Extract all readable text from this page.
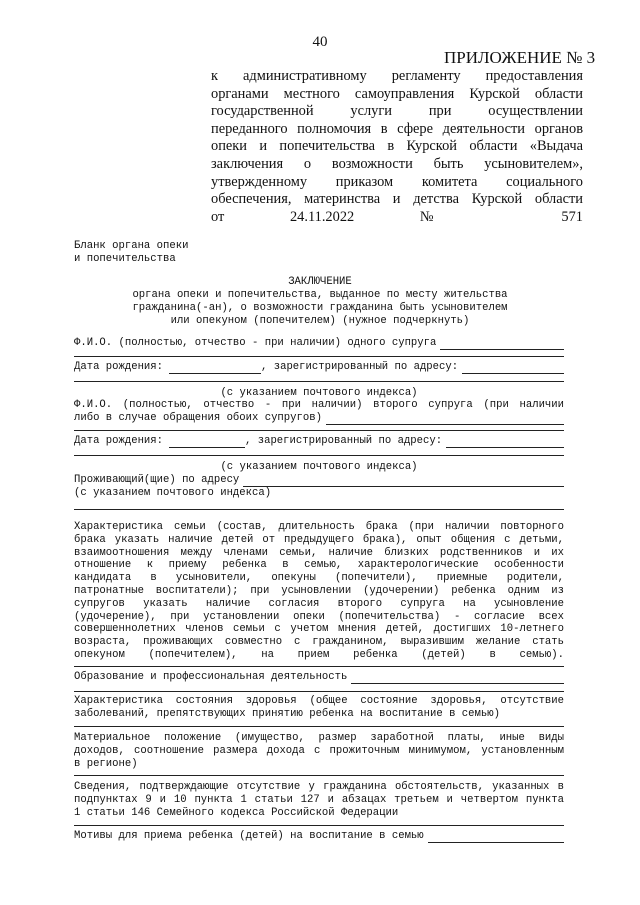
40
ПРИЛОЖЕНИЕ № 3
к административному регламенту предоставления
органами местного самоуправления Курской области
государственной услуги при осуществлении
переданного полномочия в сфере деятельности органов
опеки и попечительства в Курской области «Выдача
заключения о возможности быть усыновителем»,
утвержденному приказом комитета социального
обеспечения, материнства и детства Курской области
от 24.11.2022 № 571
Бланк органа опеки
и попечительства
ЗАКЛЮЧЕНИЕ
органа опеки и попечительства, выданное по месту жительства
гражданина(-ан), о возможности гражданина быть усыновителем
или опекуном (попечителем) (нужное подчеркнуть)
Ф.И.О. (полностью, отчество - при наличии) одного супруга
Дата рождения:	, зарегистрированный по адресу:
(с указанием почтового индекса)
Ф.И.О. (полностью, отчество - при наличии) второго супруга (при наличии
либо в случае обращения обоих супругов)
Дата рождения:	, зарегистрированный по адресу:
(с указанием почтового индекса)
Проживающий(щие) по адресу
(с указанием почтового индекса)
Характеристика семьи (состав, длительность брака (при наличии повторного
брака указать наличие детей от предыдущего брака), опыт общения с детьми,
взаимоотношения между членами семьи, наличие близких родственников и их
отношение к приему ребенка в семью, характерологические особенности
кандидата в усыновители, опекуны (попечители), приемные родители,
патронатные воспитатели); при усыновлении (удочерении) ребенка одним из
супругов указать наличие согласия второго супруга на усыновление
(удочерение), при установлении опеки (попечительства) - согласие всех
совершеннолетних членов семьи с учетом мнения детей, достигших 10-летнего
возраста, проживающих совместно с гражданином, выразившим желание стать
опекуном (попечителем), на прием ребенка (детей) в семью).
Образование и профессиональная деятельность
Характеристика состояния здоровья (общее состояние здоровья, отсутствие
заболеваний, препятствующих принятию ребенка на воспитание в семью)
Материальное положение (имущество, размер заработной платы, иные виды
доходов, соотношение размера дохода с прожиточным минимумом, установленным
в регионе)
Сведения, подтверждающие отсутствие у гражданина обстоятельств, указанных в
подпунктах 9 и 10 пункта 1 статьи 127 и абзацах третьем и четвертом пункта
1 статьи 146 Семейного кодекса Российской Федерации
Мотивы для приема ребенка (детей) на воспитание в семью
